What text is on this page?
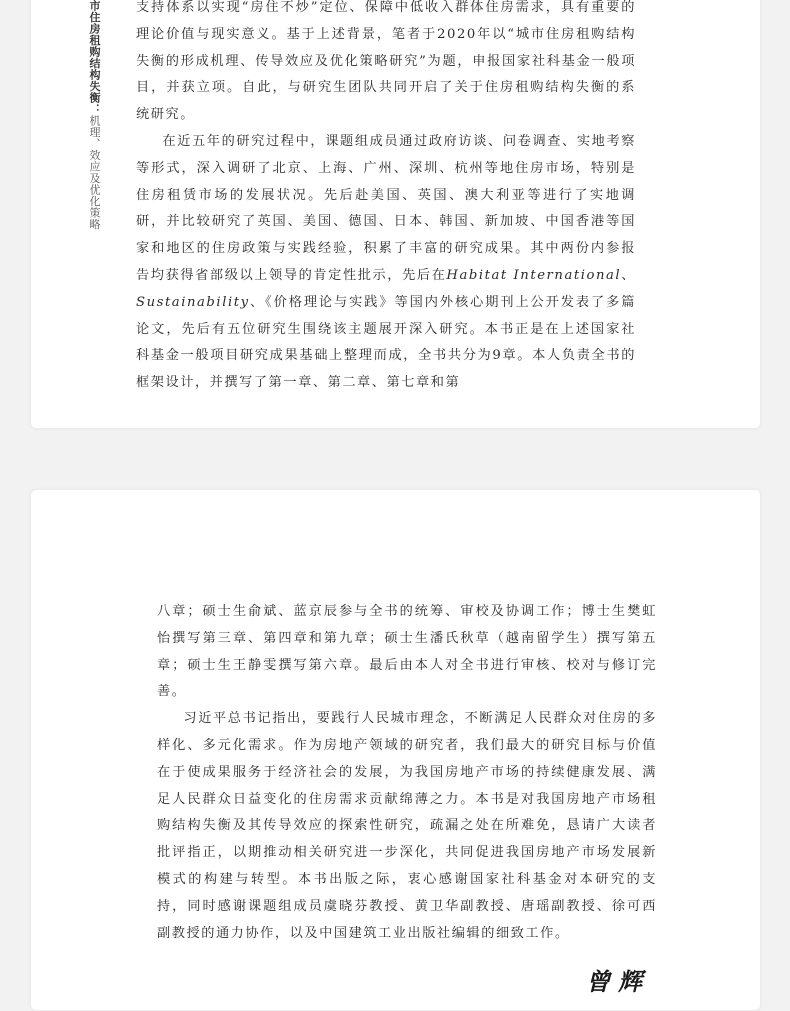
市住房租购结构失衡：机理、效应及优化策略

支持体系以实现“房住不炒”定位、保障中低收入群体住房需求，具有重要的理论价值与现实意义。基于上述背景，笔者于2020年以“城市住房租购结构失衡的形成机理、传导效应及优化策略研究”为题，申报国家社科基金一般项目，并获立项。自此，与研究生团队共同开启了关于住房租购结构失衡的系统研究。

在近五年的研究过程中，课题组成员通过政府访谈、问卷调查、实地考察等形式，深入调研了北京、上海、广州、深圳、杭州等地住房市场，特别是住房租赁市场的发展状况。先后赴美国、英国、澳大利亚等进行了实地调研，并比较研究了英国、美国、德国、日本、韩国、新加坡、中国香港等国家和地区的住房政策与实践经验，积累了丰富的研究成果。其中两份内参报告均获得省部级以上领导的肯定性批示，先后在Habitat International、Sustainability、《价格理论与实践》等国内外核心期刊上公开发表了多篇论文，先后有五位研究生围绕该主题展开深入研究。本书正是在上述国家社科基金一般项目研究成果基础上整理而成，全书共分为9章。本人负责全书的框架设计，并撰写了第一章、第二章、第七章和第

八章；硕士生俞斌、蓝京辰参与全书的统筹、审校及协调工作；博士生樊虹怡撰写第三章、第四章和第九章；硕士生潘氏秋草（越南留学生）撰写第五章；硕士生王静雯撰写第六章。最后由本人对全书进行审核、校对与修订完善。

习近平总书记指出，要践行人民城市理念，不断满足人民群众对住房的多样化、多元化需求。作为房地产领域的研究者，我们最大的研究目标与价值在于使成果服务于经济社会的发展，为我国房地产市场的持续健康发展、满足人民群众日益变化的住房需求贡献绵薄之力。本书是对我国房地产市场租购结构失衡及其传导效应的探索性研究，疏漏之处在所难免，恳请广大读者批评指正，以期推动相关研究进一步深化，共同促进我国房地产市场发展新模式的构建与转型。本书出版之际，衷心感谢国家社科基金对本研究的支持，同时感谢课题组成员虞晓芬教授、黄卫华副教授、唐瑶副教授、徐可西副教授的通力协作，以及中国建筑工业出版社编辑的细致工作。

曾辉
